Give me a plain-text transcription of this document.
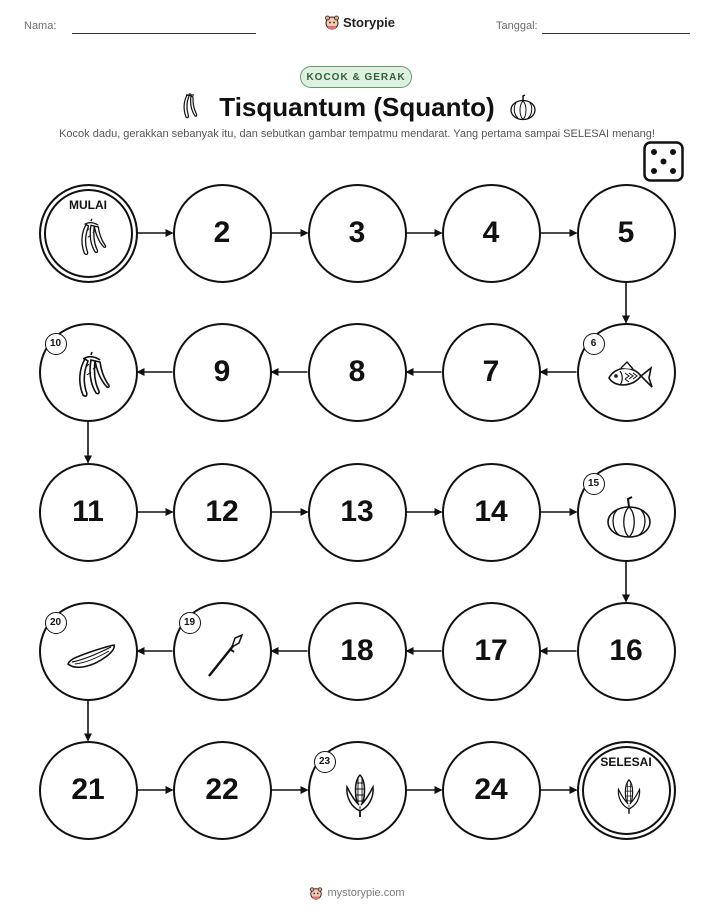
Nama:	Storypie	Tanggal:
KOCOK & GERAK
Tisquantum (Squanto)
Kocok dadu, gerakkan sebanyak itu, dan sebutkan gambar tempatmu mendarat. Yang pertama sampai SELESAI menang!
MULAI
2	3	4	5
6
7
8
9
10
11	12	13	14
15
16
17
18
19
20
21	22
23
24
SELESAI
mystorypie.com
